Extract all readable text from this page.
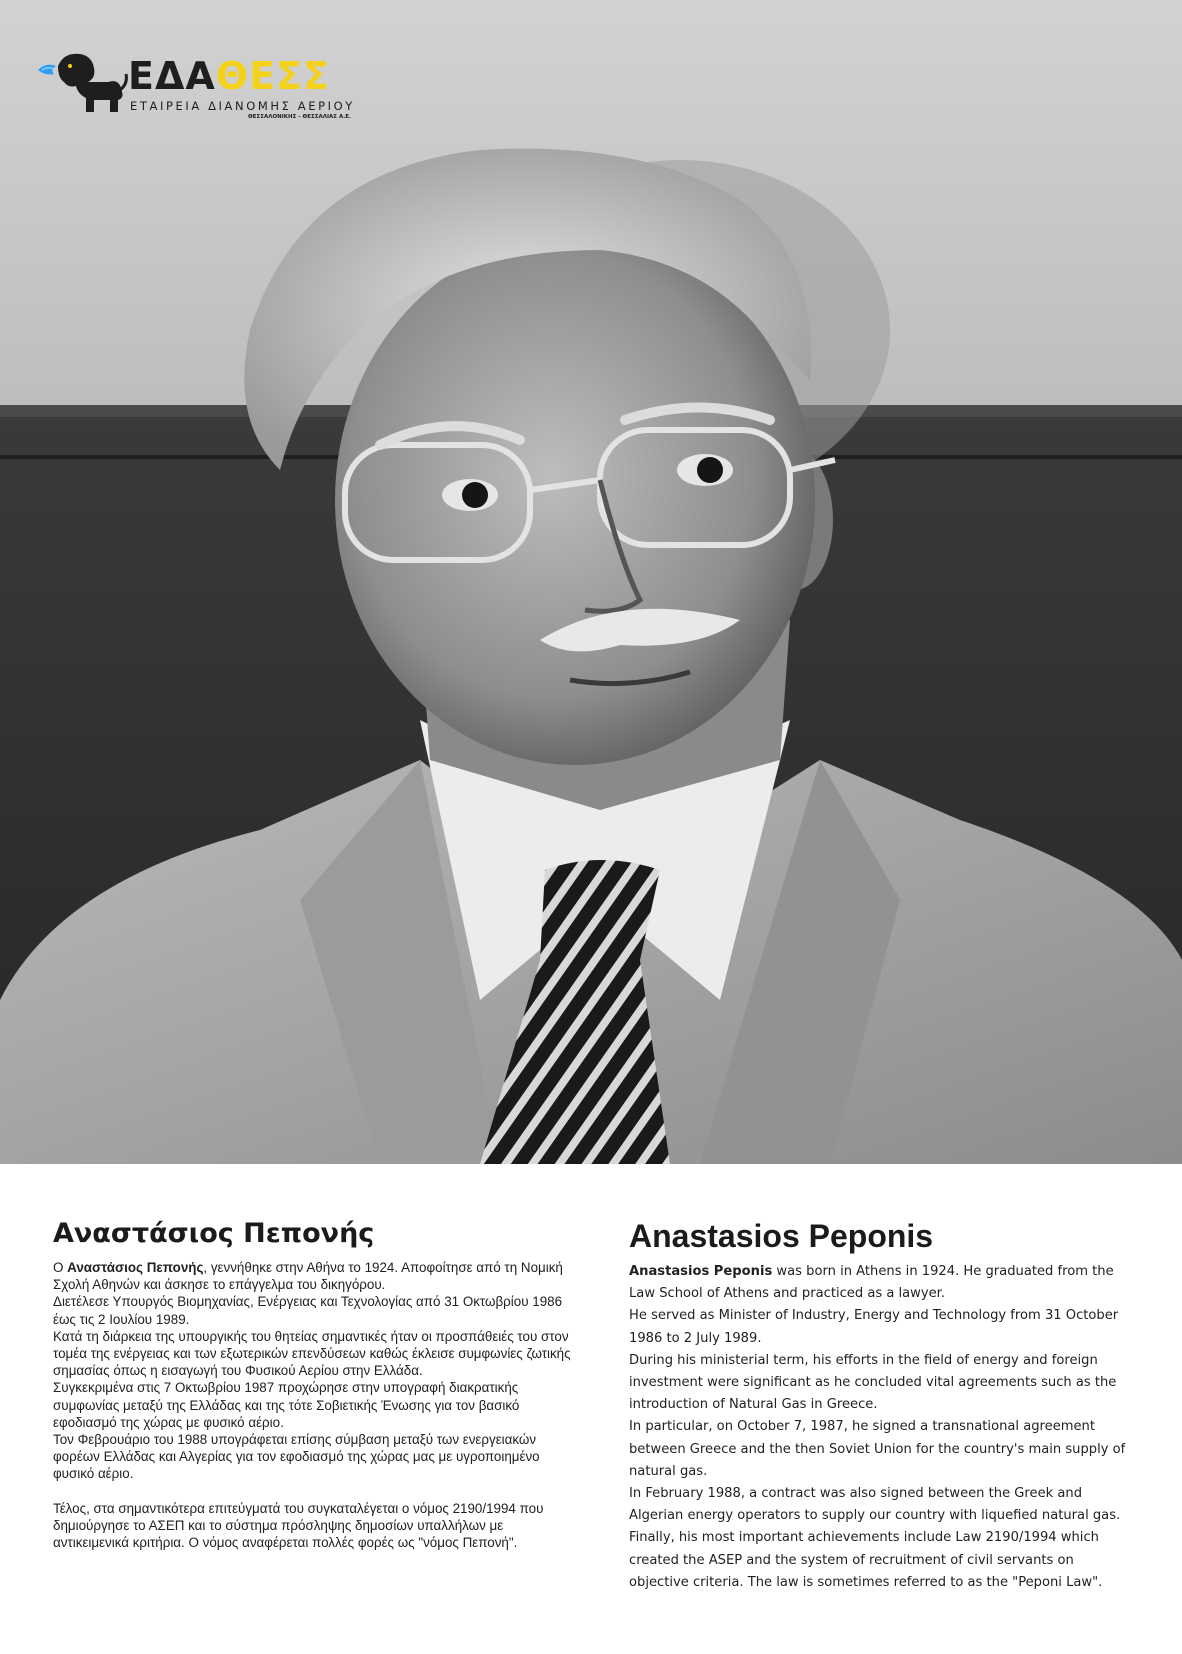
ΕΔΑΘΕΣΣ
ΕΤΑΙΡΕΙΑ ΔΙΑΝΟΜΗΣ ΑΕΡΙΟΥ
ΘΕΣΣΑΛΟΝΙΚΗΣ - ΘΕΣΣΑΛΙΑΣ Α.Ε.
Αναστάσιος Πεπονής

Ο Αναστάσιος Πεπονής, γεννήθηκε στην Αθήνα το 1924. Αποφοίτησε από τη Νομική Σχολή Αθηνών και άσκησε το επάγγελμα του δικηγόρου.

Διετέλεσε Υπουργός Βιομηχανίας, Ενέργειας και Τεχνολογίας από 31 Οκτωβρίου 1986 έως τις 2 Ιουλίου 1989.

Κατά τη διάρκεια της υπουργικής του θητείας σημαντικές ήταν οι προσπάθειές του στον τομέα της ενέργειας και των εξωτερικών επενδύσεων καθώς έκλεισε συμφωνίες ζωτικής σημασίας όπως η εισαγωγή του Φυσικού Αερίου στην Ελλάδα.

Συγκεκριμένα στις 7 Οκτωβρίου 1987 προχώρησε στην υπογραφή διακρατικής συμφωνίας μεταξύ της Ελλάδας και της τότε Σοβιετικής Ένωσης για τον βασικό εφοδιασμό της χώρας με φυσικό αέριο.

Τον Φεβρουάριο του 1988 υπογράφεται επίσης σύμβαση μεταξύ των ενεργειακών φορέων Ελλάδας και Αλγερίας για τον εφοδιασμό της χώρας μας με υγροποιημένο φυσικό αέριο.

Τέλος, στα σημαντικότερα επιτεύγματά του συγκαταλέγεται ο νόμος 2190/1994 που δημιούργησε το ΑΣΕΠ και το σύστημα πρόσληψης δημοσίων υπαλλήλων με αντικειμενικά κριτήρια. Ο νόμος αναφέρεται πολλές φορές ως "νόμος Πεπονή".

Anastasios Peponis

Anastasios Peponis was born in Athens in 1924. He graduated from the Law School of Athens and practiced as a lawyer.

He served as Minister of Industry, Energy and Technology from 31 October 1986 to 2 July 1989.

During his ministerial term, his efforts in the field of energy and foreign investment were significant as he concluded vital agreements such as the introduction of Natural Gas in Greece.

In particular, on October 7, 1987, he signed a transnational agreement between Greece and the then Soviet Union for the country's main supply of natural gas.

In February 1988, a contract was also signed between the Greek and Algerian energy operators to supply our country with liquefied natural gas.

Finally, his most important achievements include Law 2190/1994 which created the ASEP and the system of recruitment of civil servants on objective criteria. The law is sometimes referred to as the "Peponi Law".
